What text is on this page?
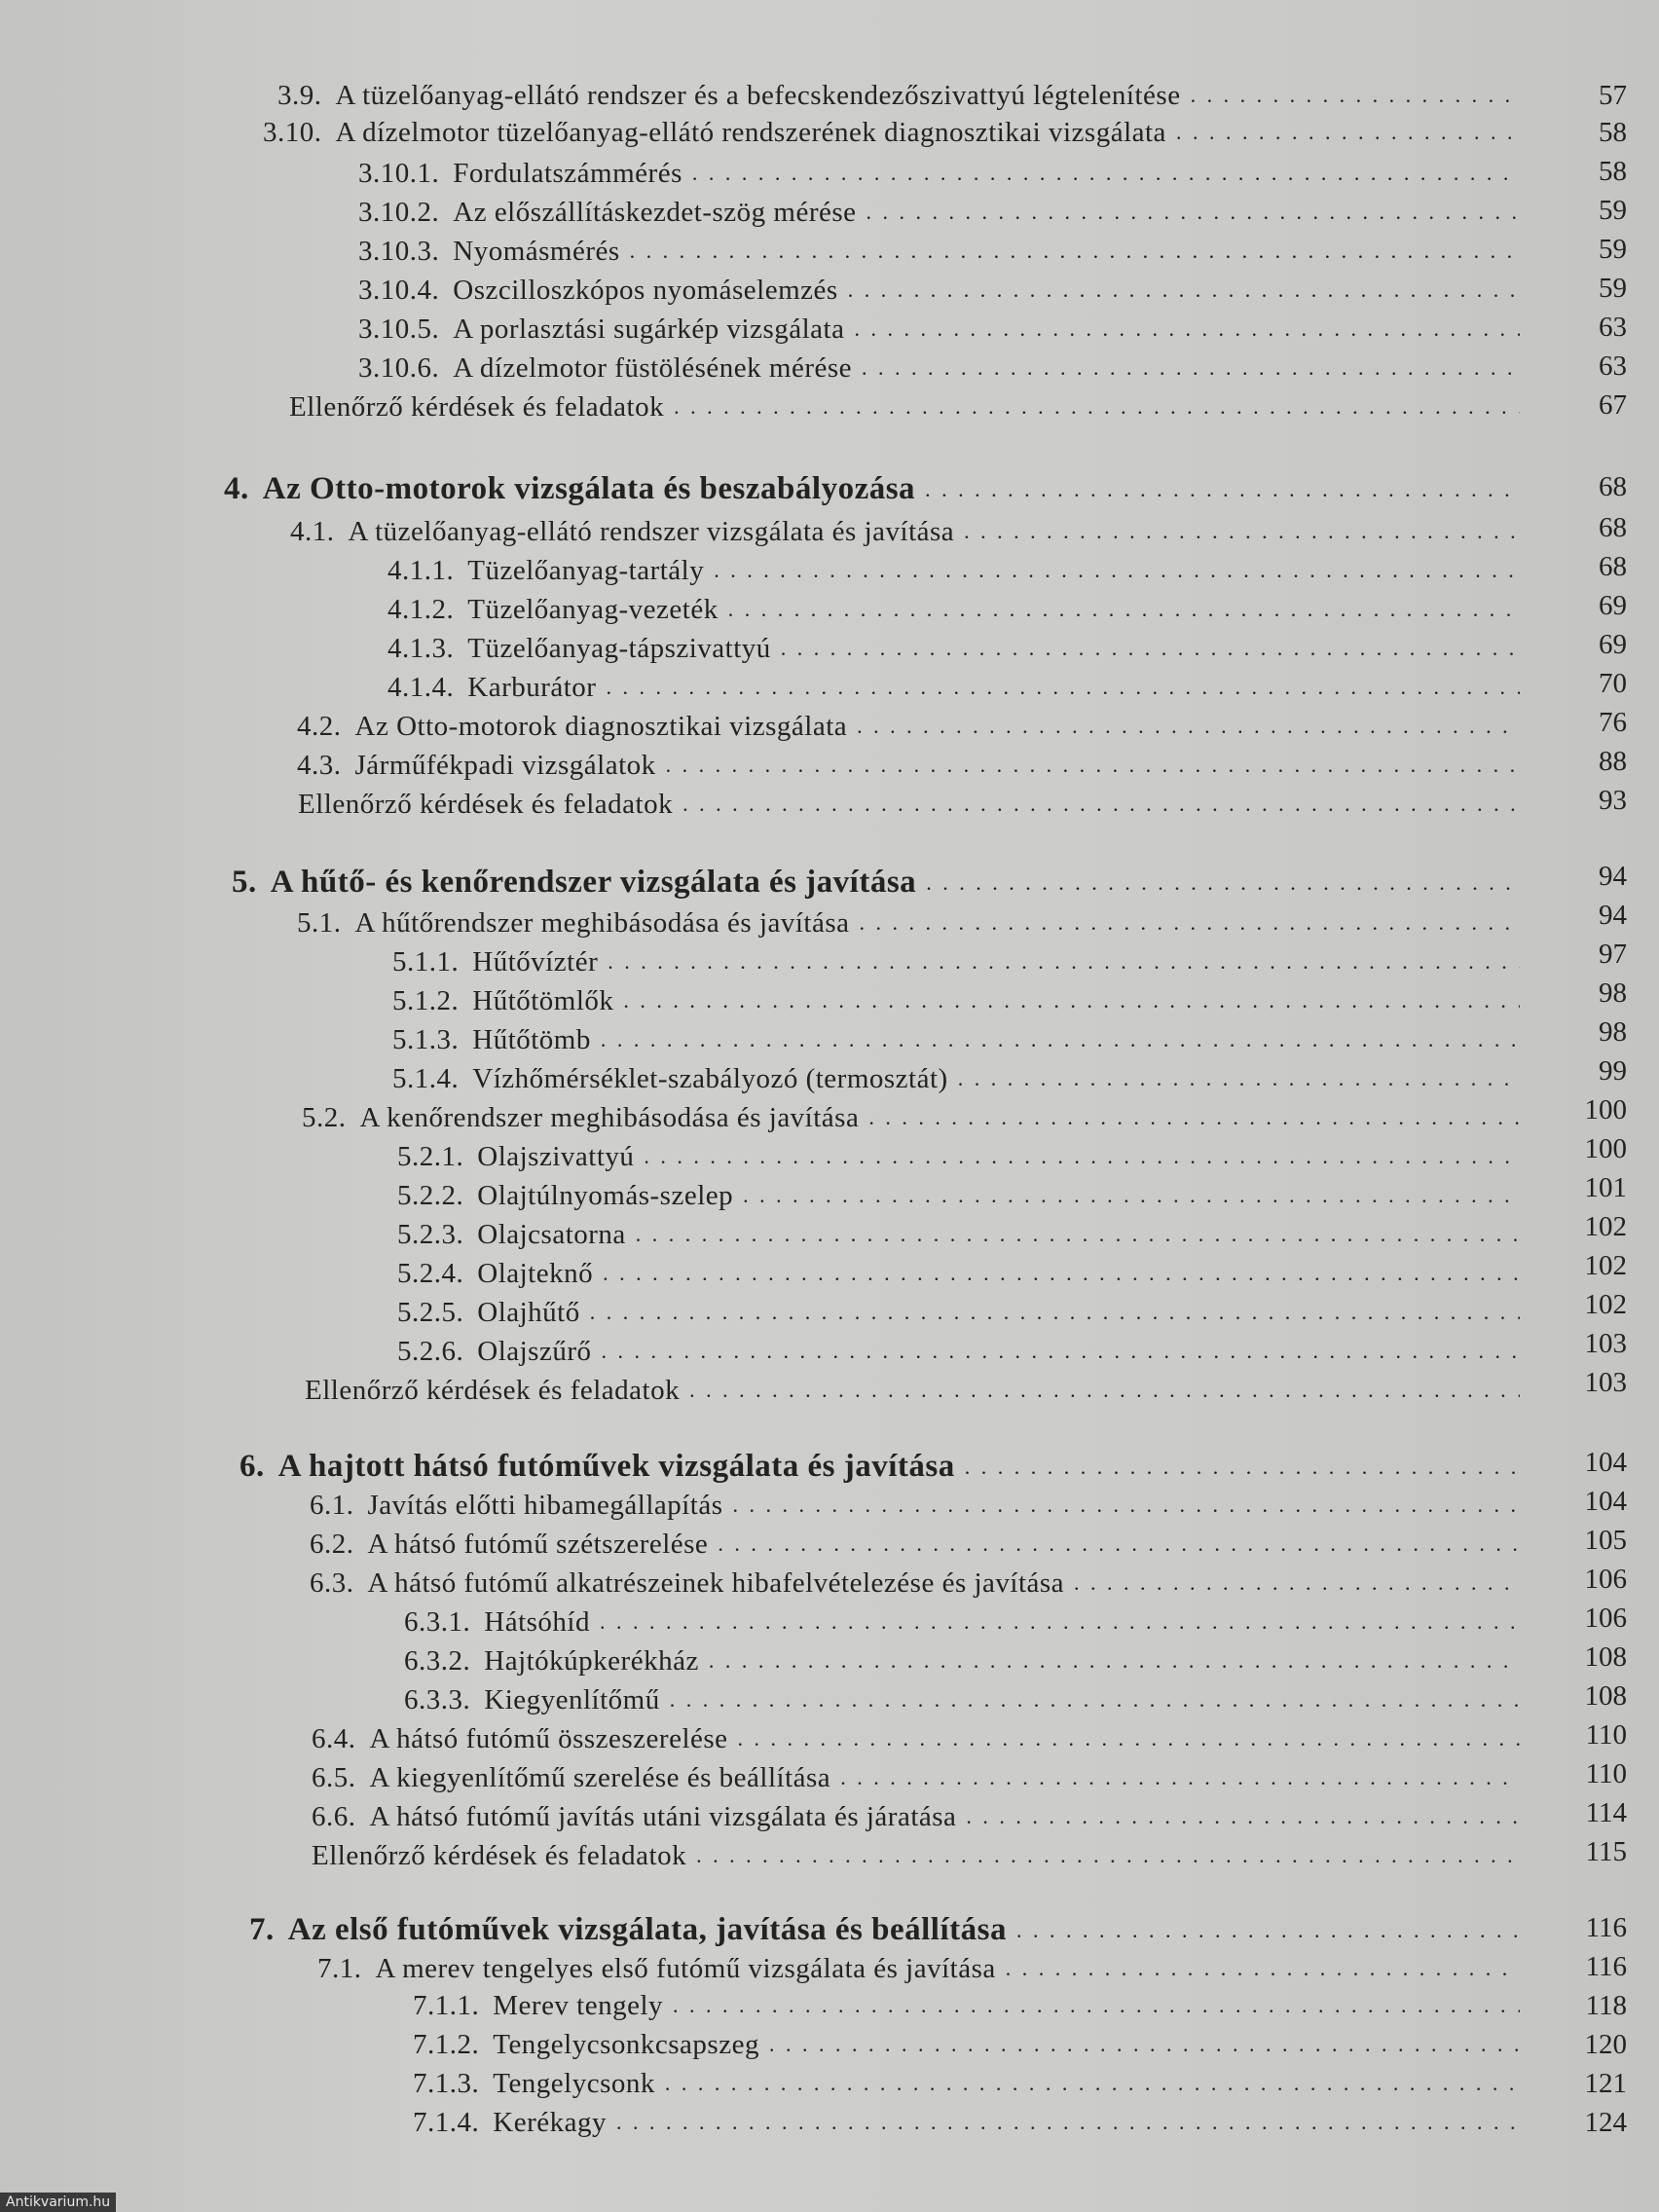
3.9. A tüzelőanyag-ellátó rendszer és a befecskendezőszivattyú légtelenítése . . .	57
3.10. A dízelmotor tüzelőanyag-ellátó rendszerének diagnosztikai vizsgálata . . .	58
3.10.1. Fordulatszámmérés . . .	58
3.10.2. Az előszállításkezdet-szög mérése . . .	59
3.10.3. Nyomásmérés . . .	59
3.10.4. Oszcilloszkópos nyomáselemzés . . .	59
3.10.5. A porlasztási sugárkép vizsgálata . . .	63
3.10.6. A dízelmotor füstölésének mérése . . .	63
Ellenőrző kérdések és feladatok . . .	67
4. Az Otto-motorok vizsgálata és beszabályozása . . .	68
4.1. A tüzelőanyag-ellátó rendszer vizsgálata és javítása . . .	68
4.1.1. Tüzelőanyag-tartály . . .	68
4.1.2. Tüzelőanyag-vezeték . . .	69
4.1.3. Tüzelőanyag-tápszivattyú . . .	69
4.1.4. Karburátor . . .	70
4.2. Az Otto-motorok diagnosztikai vizsgálata . . .	76
4.3. Járműfékpadi vizsgálatok . . .	88
Ellenőrző kérdések és feladatok . . .	93
5. A hűtő- és kenőrendszer vizsgálata és javítása . . .	94
5.1. A hűtőrendszer meghibásodása és javítása . . .	94
5.1.1. Hűtővíztér . . .	97
5.1.2. Hűtőtömlők . . .	98
5.1.3. Hűtőtömb . . .	98
5.1.4. Vízhőmérséklet-szabályozó (termosztát) . . .	99
5.2. A kenőrendszer meghibásodása és javítása . . .	100
5.2.1. Olajszivattyú . . .	100
5.2.2. Olajtúlnyomás-szelep . . .	101
5.2.3. Olajcsatorna . . .	102
5.2.4. Olajteknő . . .	102
5.2.5. Olajhűtő . . .	102
5.2.6. Olajszűrő . . .	103
Ellenőrző kérdések és feladatok . . .	103
6. A hajtott hátsó futóművek vizsgálata és javítása . . .	104
6.1. Javítás előtti hibamegállapítás . . .	104
6.2. A hátsó futómű szétszerelése . . .	105
6.3. A hátsó futómű alkatrészeinek hibafelvételezése és javítása . . .	106
6.3.1. Hátsóhíd . . .	106
6.3.2. Hajtókúpkerékház . . .	108
6.3.3. Kiegyenlítőmű . . .	108
6.4. A hátsó futómű összeszerelése . . .	110
6.5. A kiegyenlítőmű szerelése és beállítása . . .	110
6.6. A hátsó futómű javítás utáni vizsgálata és járatása . . .	114
Ellenőrző kérdések és feladatok . . .	115
7. Az első futóművek vizsgálata, javítása és beállítása . . .	116
7.1. A merev tengelyes első futómű vizsgálata és javítása . . .	116
7.1.1. Merev tengely . . .	118
7.1.2. Tengelycsonkcsapszeg . . .	120
7.1.3. Tengelycsonk . . .	121
7.1.4. Kerékagy . . .	124
Antikvarium.hu
